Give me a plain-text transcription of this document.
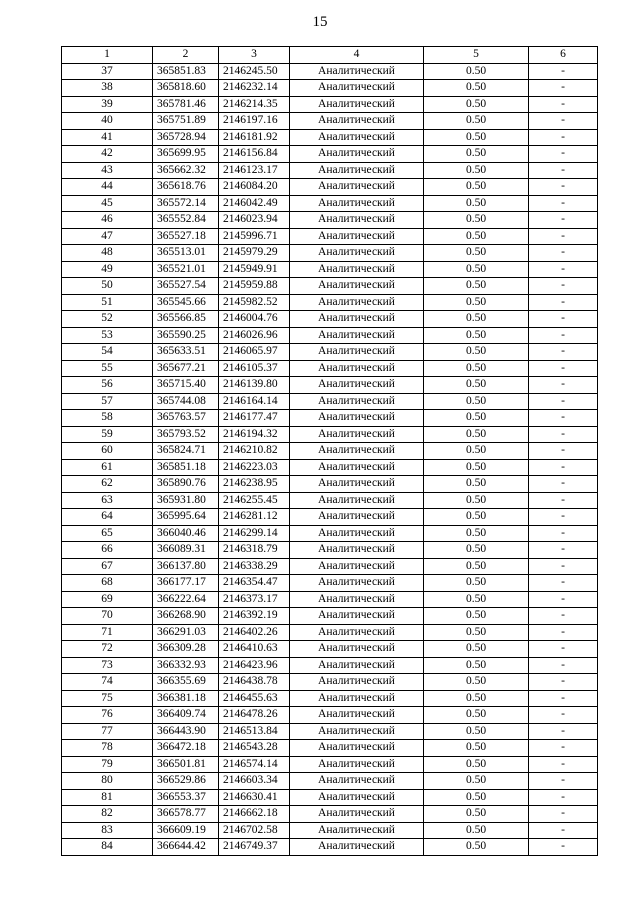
15
1	2	3	4	5	6
37	365851.83	2146245.50	Аналитический	0.50	-
38	365818.60	2146232.14	Аналитический	0.50	-
39	365781.46	2146214.35	Аналитический	0.50	-
40	365751.89	2146197.16	Аналитический	0.50	-
41	365728.94	2146181.92	Аналитический	0.50	-
42	365699.95	2146156.84	Аналитический	0.50	-
43	365662.32	2146123.17	Аналитический	0.50	-
44	365618.76	2146084.20	Аналитический	0.50	-
45	365572.14	2146042.49	Аналитический	0.50	-
46	365552.84	2146023.94	Аналитический	0.50	-
47	365527.18	2145996.71	Аналитический	0.50	-
48	365513.01	2145979.29	Аналитический	0.50	-
49	365521.01	2145949.91	Аналитический	0.50	-
50	365527.54	2145959.88	Аналитический	0.50	-
51	365545.66	2145982.52	Аналитический	0.50	-
52	365566.85	2146004.76	Аналитический	0.50	-
53	365590.25	2146026.96	Аналитический	0.50	-
54	365633.51	2146065.97	Аналитический	0.50	-
55	365677.21	2146105.37	Аналитический	0.50	-
56	365715.40	2146139.80	Аналитический	0.50	-
57	365744.08	2146164.14	Аналитический	0.50	-
58	365763.57	2146177.47	Аналитический	0.50	-
59	365793.52	2146194.32	Аналитический	0.50	-
60	365824.71	2146210.82	Аналитический	0.50	-
61	365851.18	2146223.03	Аналитический	0.50	-
62	365890.76	2146238.95	Аналитический	0.50	-
63	365931.80	2146255.45	Аналитический	0.50	-
64	365995.64	2146281.12	Аналитический	0.50	-
65	366040.46	2146299.14	Аналитический	0.50	-
66	366089.31	2146318.79	Аналитический	0.50	-
67	366137.80	2146338.29	Аналитический	0.50	-
68	366177.17	2146354.47	Аналитический	0.50	-
69	366222.64	2146373.17	Аналитический	0.50	-
70	366268.90	2146392.19	Аналитический	0.50	-
71	366291.03	2146402.26	Аналитический	0.50	-
72	366309.28	2146410.63	Аналитический	0.50	-
73	366332.93	2146423.96	Аналитический	0.50	-
74	366355.69	2146438.78	Аналитический	0.50	-
75	366381.18	2146455.63	Аналитический	0.50	-
76	366409.74	2146478.26	Аналитический	0.50	-
77	366443.90	2146513.84	Аналитический	0.50	-
78	366472.18	2146543.28	Аналитический	0.50	-
79	366501.81	2146574.14	Аналитический	0.50	-
80	366529.86	2146603.34	Аналитический	0.50	-
81	366553.37	2146630.41	Аналитический	0.50	-
82	366578.77	2146662.18	Аналитический	0.50	-
83	366609.19	2146702.58	Аналитический	0.50	-
84	366644.42	2146749.37	Аналитический	0.50	-
